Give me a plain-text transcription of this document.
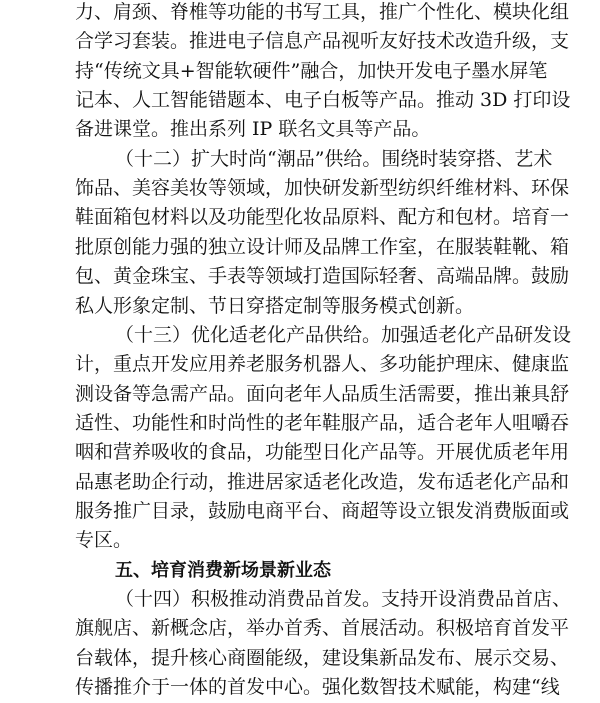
力、肩颈、脊椎等功能的书写工具，推广个性化、模块化组
合学习套装。推进电子信息产品视听友好技术改造升级，支
持“传统文具+智能软硬件”融合，加快开发电子墨水屏笔
记本、人工智能错题本、电子白板等产品。推动 3D 打印设
备进课堂。推出系列 IP 联名文具等产品。
（十二）扩大时尚“潮品”供给。围绕时装穿搭、艺术
饰品、美容美妆等领域，加快研发新型纺织纤维材料、环保
鞋面箱包材料以及功能型化妆品原料、配方和包材。培育一
批原创能力强的独立设计师及品牌工作室，在服装鞋靴、箱
包、黄金珠宝、手表等领域打造国际轻奢、高端品牌。鼓励
私人形象定制、节日穿搭定制等服务模式创新。
（十三）优化适老化产品供给。加强适老化产品研发设
计，重点开发应用养老服务机器人、多功能护理床、健康监
测设备等急需产品。面向老年人品质生活需要，推出兼具舒
适性、功能性和时尚性的老年鞋服产品，适合老年人咀嚼吞
咽和营养吸收的食品，功能型日化产品等。开展优质老年用
品惠老助企行动，推进居家适老化改造，发布适老化产品和
服务推广目录，鼓励电商平台、商超等设立银发消费版面或
专区。
五、培育消费新场景新业态
（十四）积极推动消费品首发。支持开设消费品首店、
旗舰店、新概念店，举办首秀、首展活动。积极培育首发平
台载体，提升核心商圈能级，建设集新品发布、展示交易、
传播推介于一体的首发中心。强化数智技术赋能，构建“线
